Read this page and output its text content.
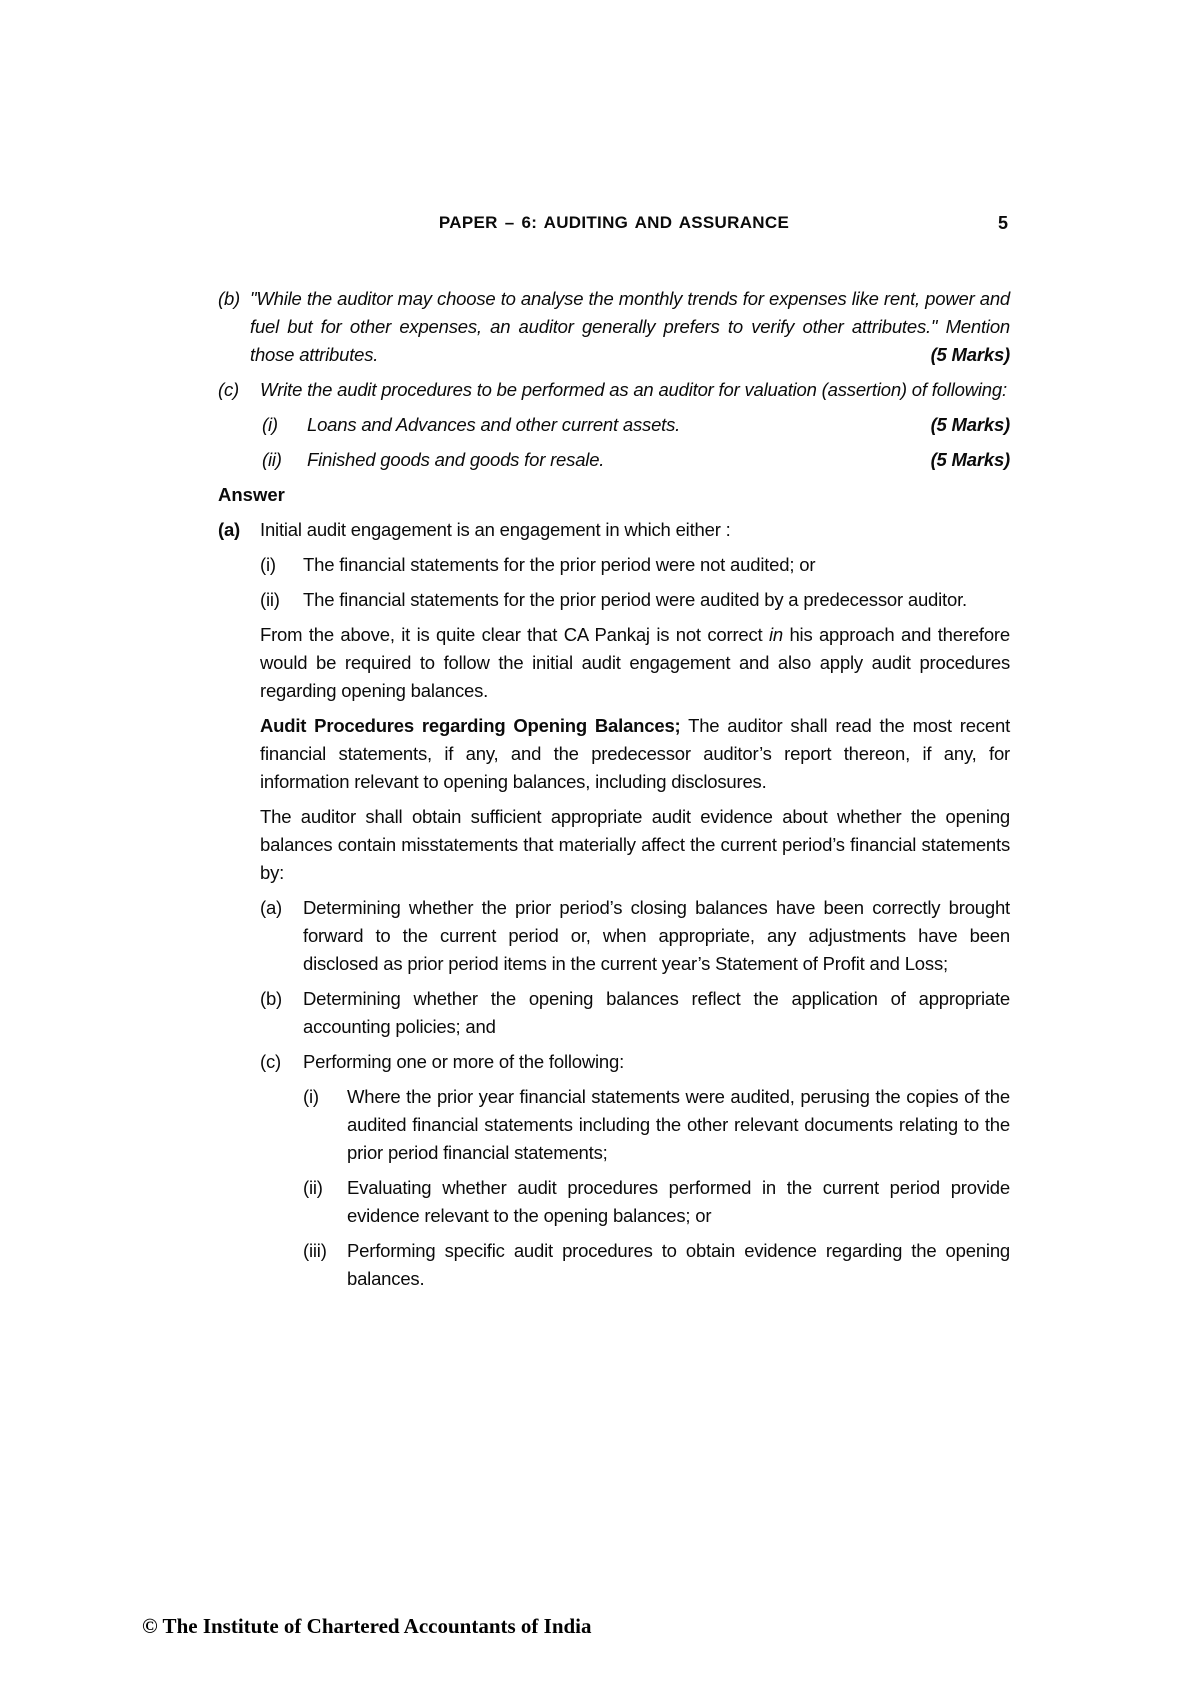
PAPER – 6: AUDITING AND ASSURANCE	5
(b) "While the auditor may choose to analyse the monthly trends for expenses like rent, power and fuel but for other expenses, an auditor generally prefers to verify other attributes." Mention those attributes.	(5 Marks)
(c) Write the audit procedures to be performed as an auditor for valuation (assertion) of following:
(i) Loans and Advances and other current assets.	(5 Marks)
(ii) Finished goods and goods for resale.	(5 Marks)
Answer
(a) Initial audit engagement is an engagement in which either :
(i) The financial statements for the prior period were not audited; or
(ii) The financial statements for the prior period were audited by a predecessor auditor.
From the above, it is quite clear that CA Pankaj is not correct in his approach and therefore would be required to follow the initial audit engagement and also apply audit procedures regarding opening balances.
Audit Procedures regarding Opening Balances; The auditor shall read the most recent financial statements, if any, and the predecessor auditor’s report thereon, if any, for information relevant to opening balances, including disclosures.
The auditor shall obtain sufficient appropriate audit evidence about whether the opening balances contain misstatements that materially affect the current period’s financial statements by:
(a) Determining whether the prior period’s closing balances have been correctly brought forward to the current period or, when appropriate, any adjustments have been disclosed as prior period items in the current year’s Statement of Profit and Loss;
(b) Determining whether the opening balances reflect the application of appropriate accounting policies; and
(c) Performing one or more of the following:
(i) Where the prior year financial statements were audited, perusing the copies of the audited financial statements including the other relevant documents relating to the prior period financial statements;
(ii) Evaluating whether audit procedures performed in the current period provide evidence relevant to the opening balances; or
(iii) Performing specific audit procedures to obtain evidence regarding the opening balances.
© The Institute of Chartered Accountants of India
